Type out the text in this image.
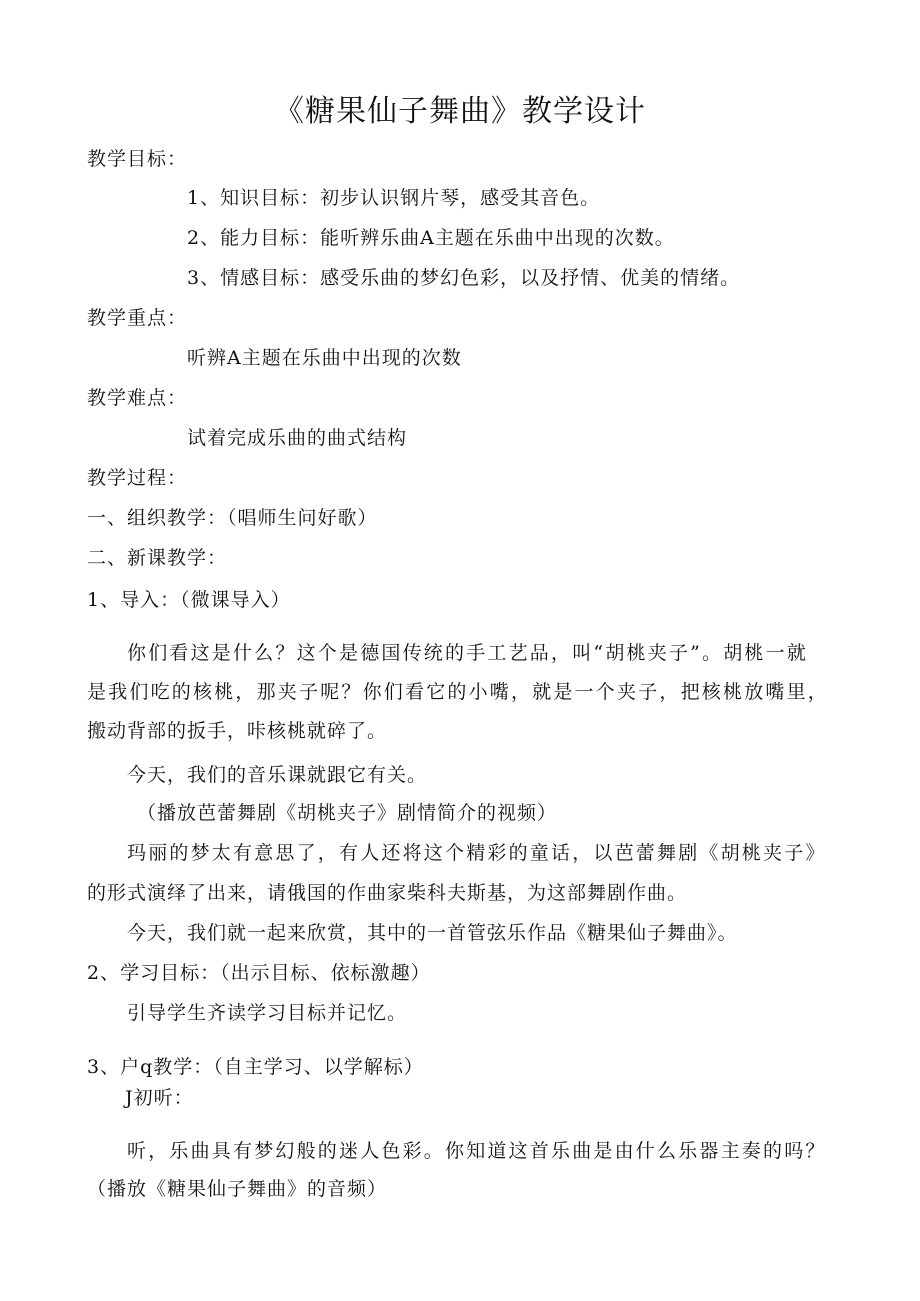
《糖果仙子舞曲》教学设计
教学目标：
1、知识目标：初步认识钢片琴，感受其音色。
2、能力目标：能听辨乐曲A主题在乐曲中出现的次数。
3、情感目标：感受乐曲的梦幻色彩，以及抒情、优美的情绪。
教学重点：
听辨A主题在乐曲中出现的次数
教学难点：
试着完成乐曲的曲式结构
教学过程：
一、组织教学：（唱师生问好歌）
二、新课教学：
1、导入：（微课导入）
你们看这是什么？这个是德国传统的手工艺品，叫“胡桃夹子”。胡桃一就
是我们吃的核桃，那夹子呢？你们看它的小嘴，就是一个夹子，把核桃放嘴里，
搬动背部的扳手，咔核桃就碎了。
今天，我们的音乐课就跟它有关。
（播放芭蕾舞剧《胡桃夹子》剧情简介的视频）
玛丽的梦太有意思了，有人还将这个精彩的童话，以芭蕾舞剧《胡桃夹子》
的形式演绎了出来，请俄国的作曲家柴科夫斯基，为这部舞剧作曲。
今天，我们就一起来欣赏，其中的一首管弦乐作品《糖果仙子舞曲》。
2、学习目标：（出示目标、依标激趣）
引导学生齐读学习目标并记忆。
3、户q教学：（自主学习、以学解标）
J初听：
听，乐曲具有梦幻般的迷人色彩。你知道这首乐曲是由什么乐器主奏的吗？
（播放《糖果仙子舞曲》的音频）
